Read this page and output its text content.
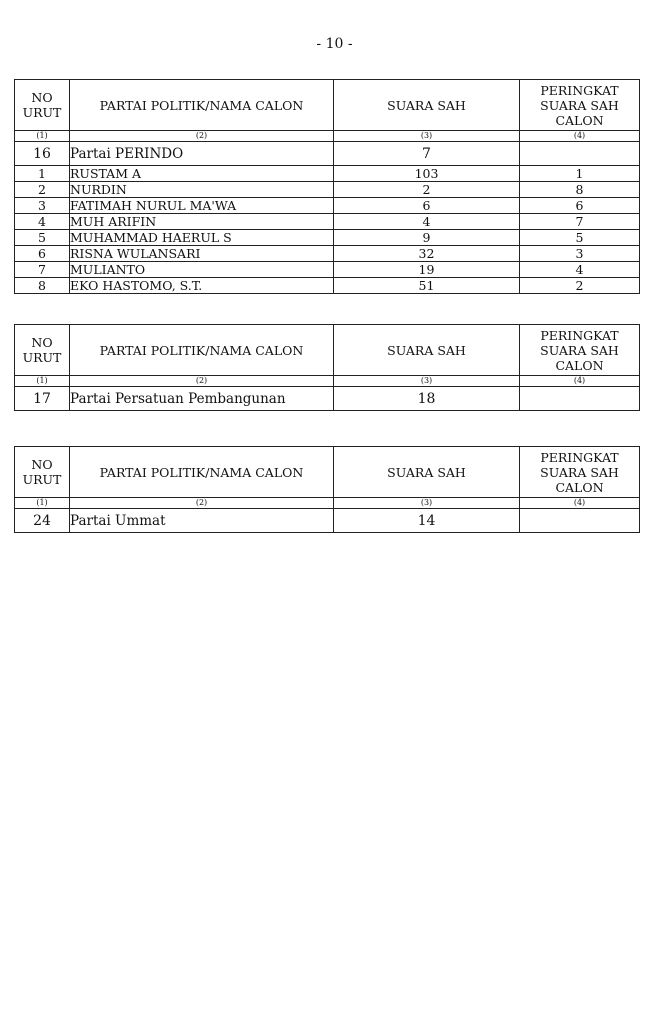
- 10 -
NO URUT	PARTAI POLITIK/NAMA CALON	SUARA SAH	PERINGKAT SUARA SAH CALON
(1)	(2)	(3)	(4)
16	Partai PERINDO	7	
1	RUSTAM A	103	1
2	NURDIN	2	8
3	FATIMAH NURUL MA'WA	6	6
4	MUH ARIFIN	4	7
5	MUHAMMAD HAERUL S	9	5
6	RISNA WULANSARI	32	3
7	MULIANTO	19	4
8	EKO HASTOMO, S.T.	51	2
NO URUT	PARTAI POLITIK/NAMA CALON	SUARA SAH	PERINGKAT SUARA SAH CALON
(1)	(2)	(3)	(4)
17	Partai Persatuan Pembangunan	18	
NO URUT	PARTAI POLITIK/NAMA CALON	SUARA SAH	PERINGKAT SUARA SAH CALON
(1)	(2)	(3)	(4)
24	Partai Ummat	14	
